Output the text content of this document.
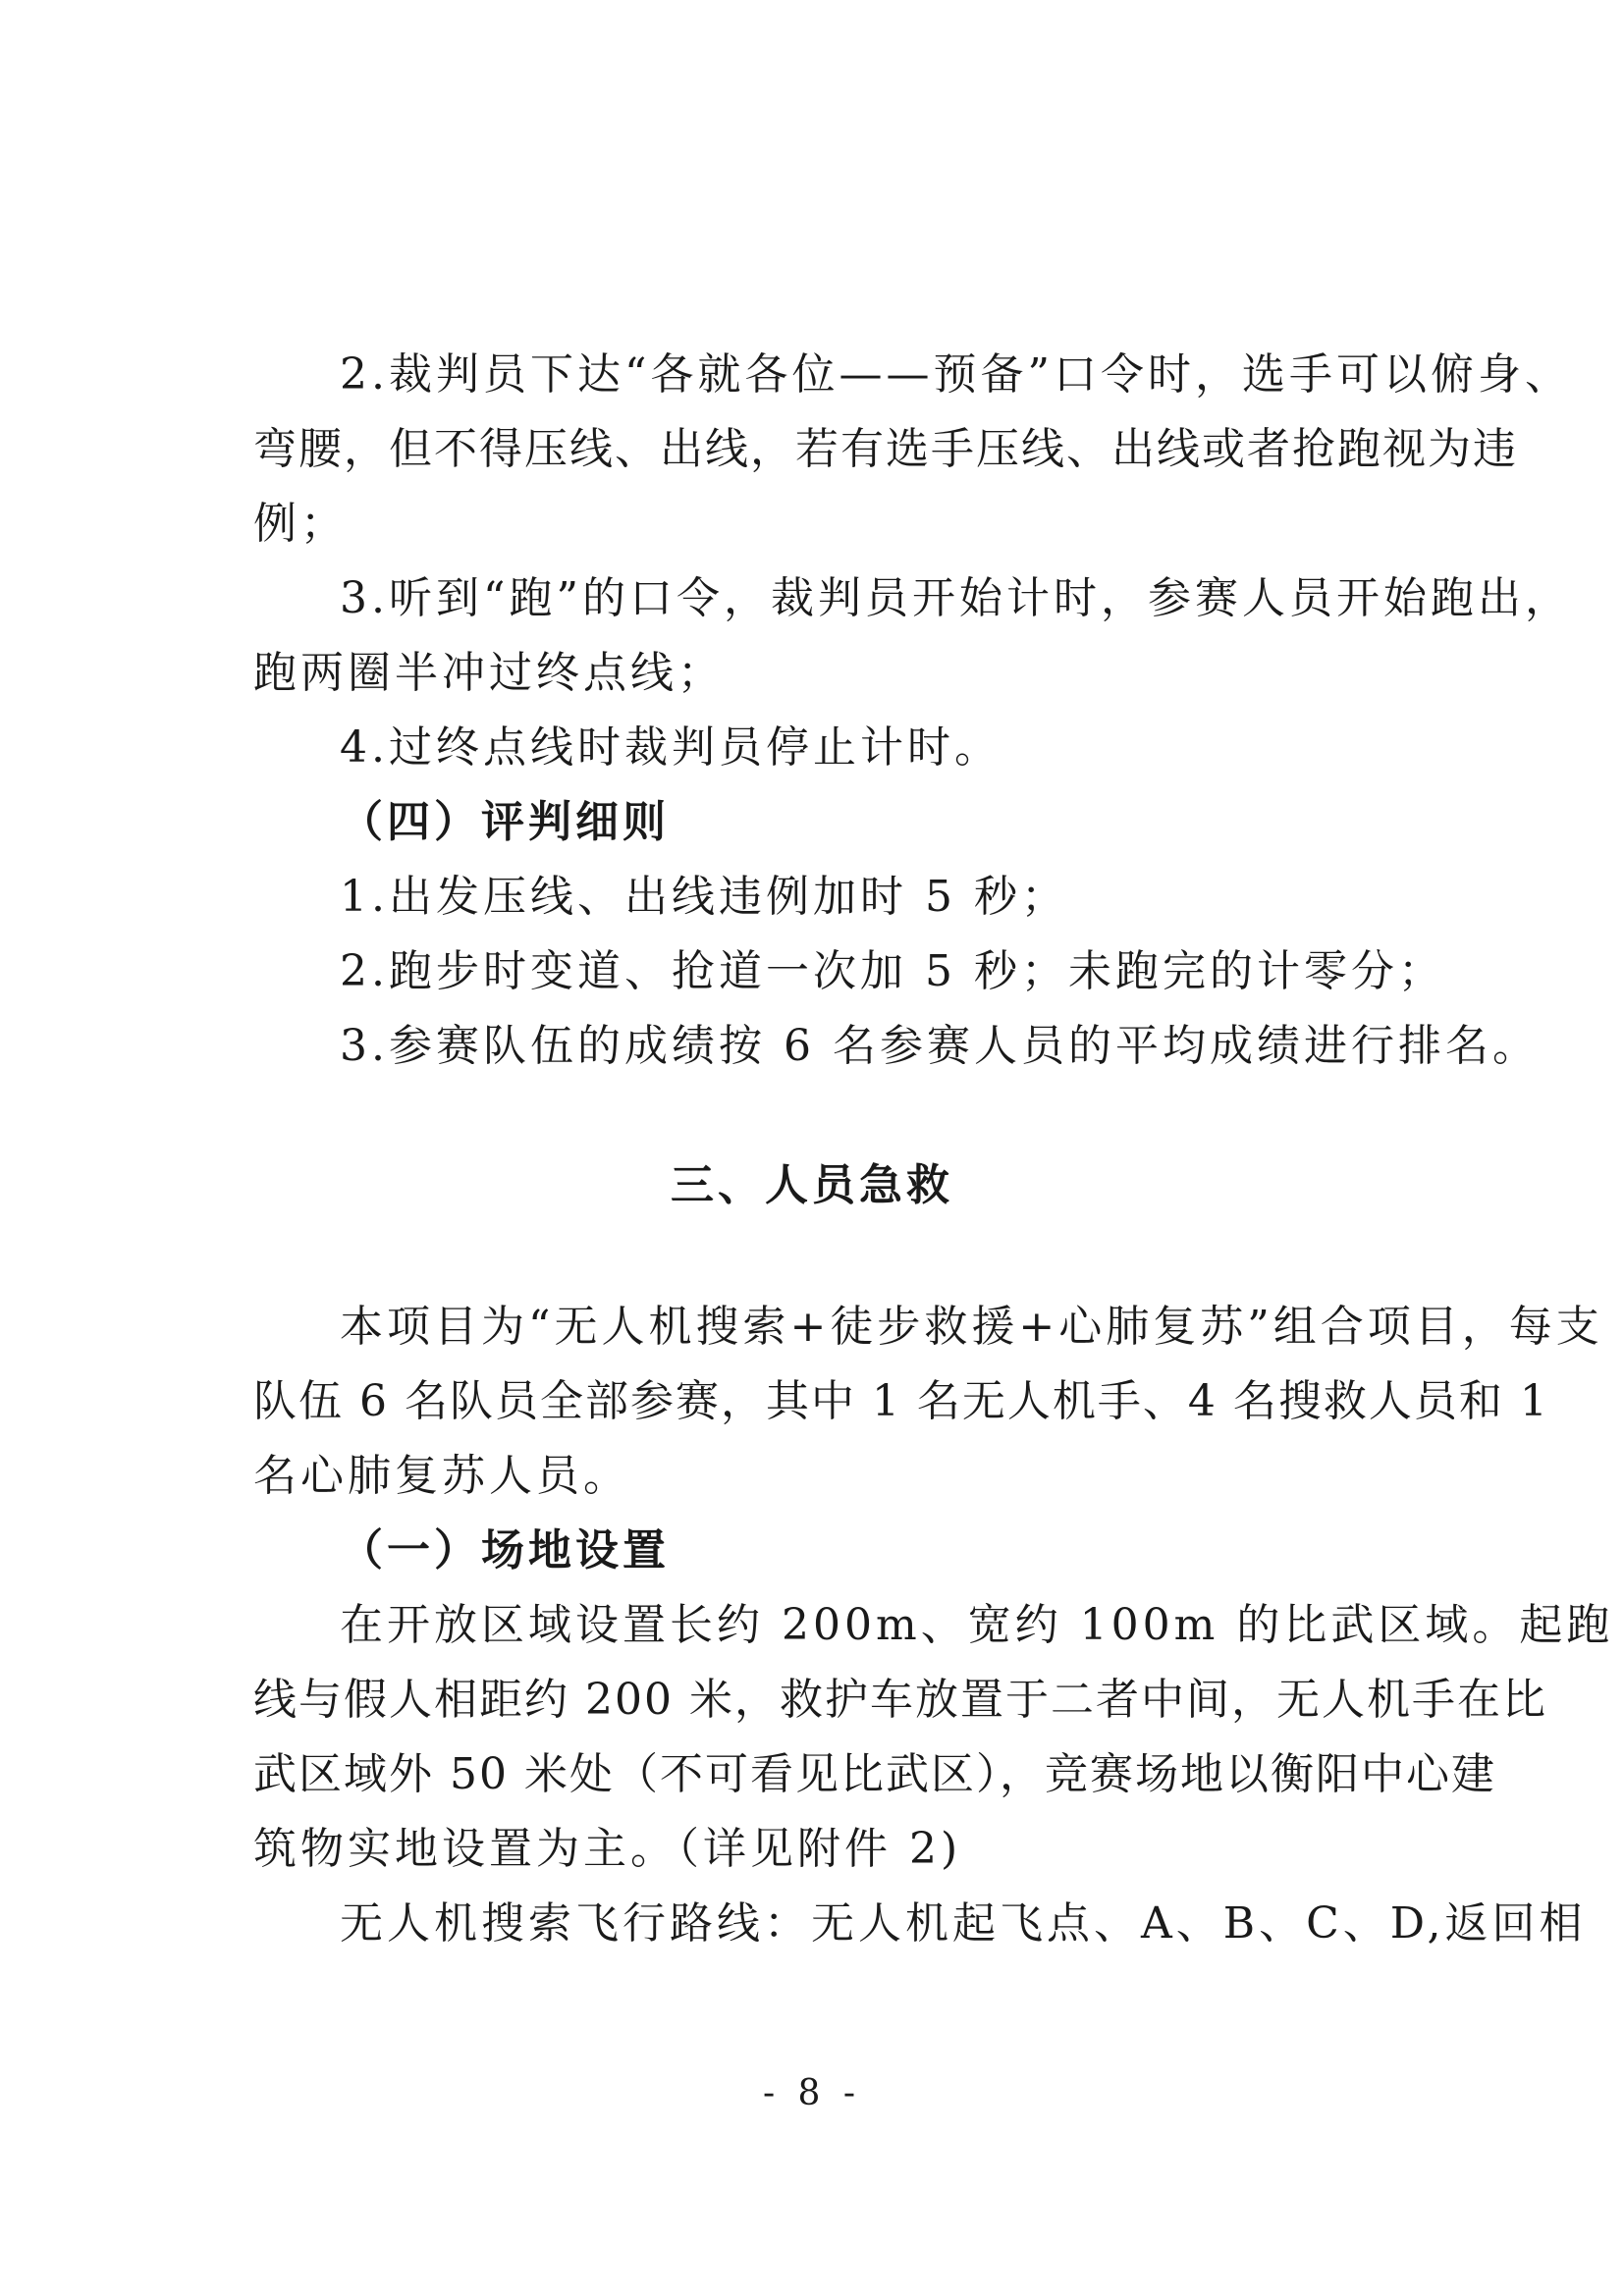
2.裁判员下达“各就各位——预备”口令时，选手可以俯身、
弯腰，但不得压线、出线，若有选手压线、出线或者抢跑视为违
例；
3.听到“跑”的口令，裁判员开始计时，参赛人员开始跑出，
跑两圈半冲过终点线；
4.过终点线时裁判员停止计时。
（四）评判细则
1.出发压线、出线违例加时 5 秒；
2.跑步时变道、抢道一次加 5 秒；未跑完的计零分；
3.参赛队伍的成绩按 6 名参赛人员的平均成绩进行排名。
三、人员急救
本项目为“无人机搜索+徒步救援+心肺复苏”组合项目，每支
队伍 6 名队员全部参赛，其中 1 名无人机手、4 名搜救人员和 1
名心肺复苏人员。
（一）场地设置
在开放区域设置长约 200m、宽约 100m 的比武区域。起跑
线与假人相距约 200 米，救护车放置于二者中间，无人机手在比
武区域外 50 米处（不可看见比武区），竞赛场地以衡阳中心建
筑物实地设置为主。（详见附件 2)
无人机搜索飞行路线：无人机起飞点、A、B、C、D,返回相
- 8 -
